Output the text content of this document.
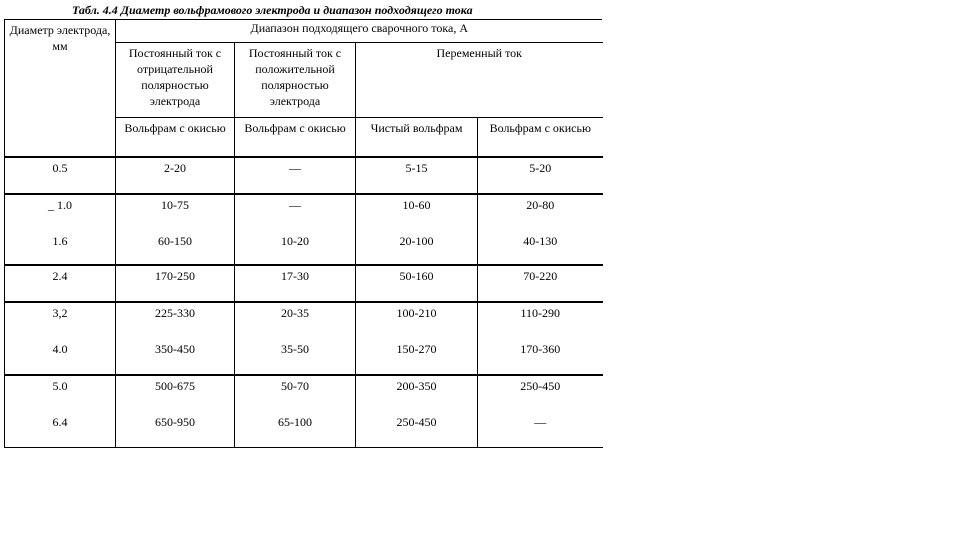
Табл. 4.4 Диаметр вольфрамового электрода и диапазон подходящего тока
Диаметр электрода, мм	Диапазон подходящего сварочного тока, А			
	Постоянный ток с отрицательной полярностью электрода	Постоянный ток с положительной полярностью электрода	Переменный ток	
	Вольфрам с окисью	Вольфрам с окисью	Чистый вольфрам	Вольфрам с окисью
0.5	2-20	—	5-15	5-20
_ 1.0	10-75	—	10-60	20-80
1.6	60-150	10-20	20-100	40-130
2.4	170-250	17-30	50-160	70-220
3,2	225-330	20-35	100-210	110-290
4.0	350-450	35-50	150-270	170-360
5.0	500-675	50-70	200-350	250-450
6.4	650-950	65-100	250-450	—
